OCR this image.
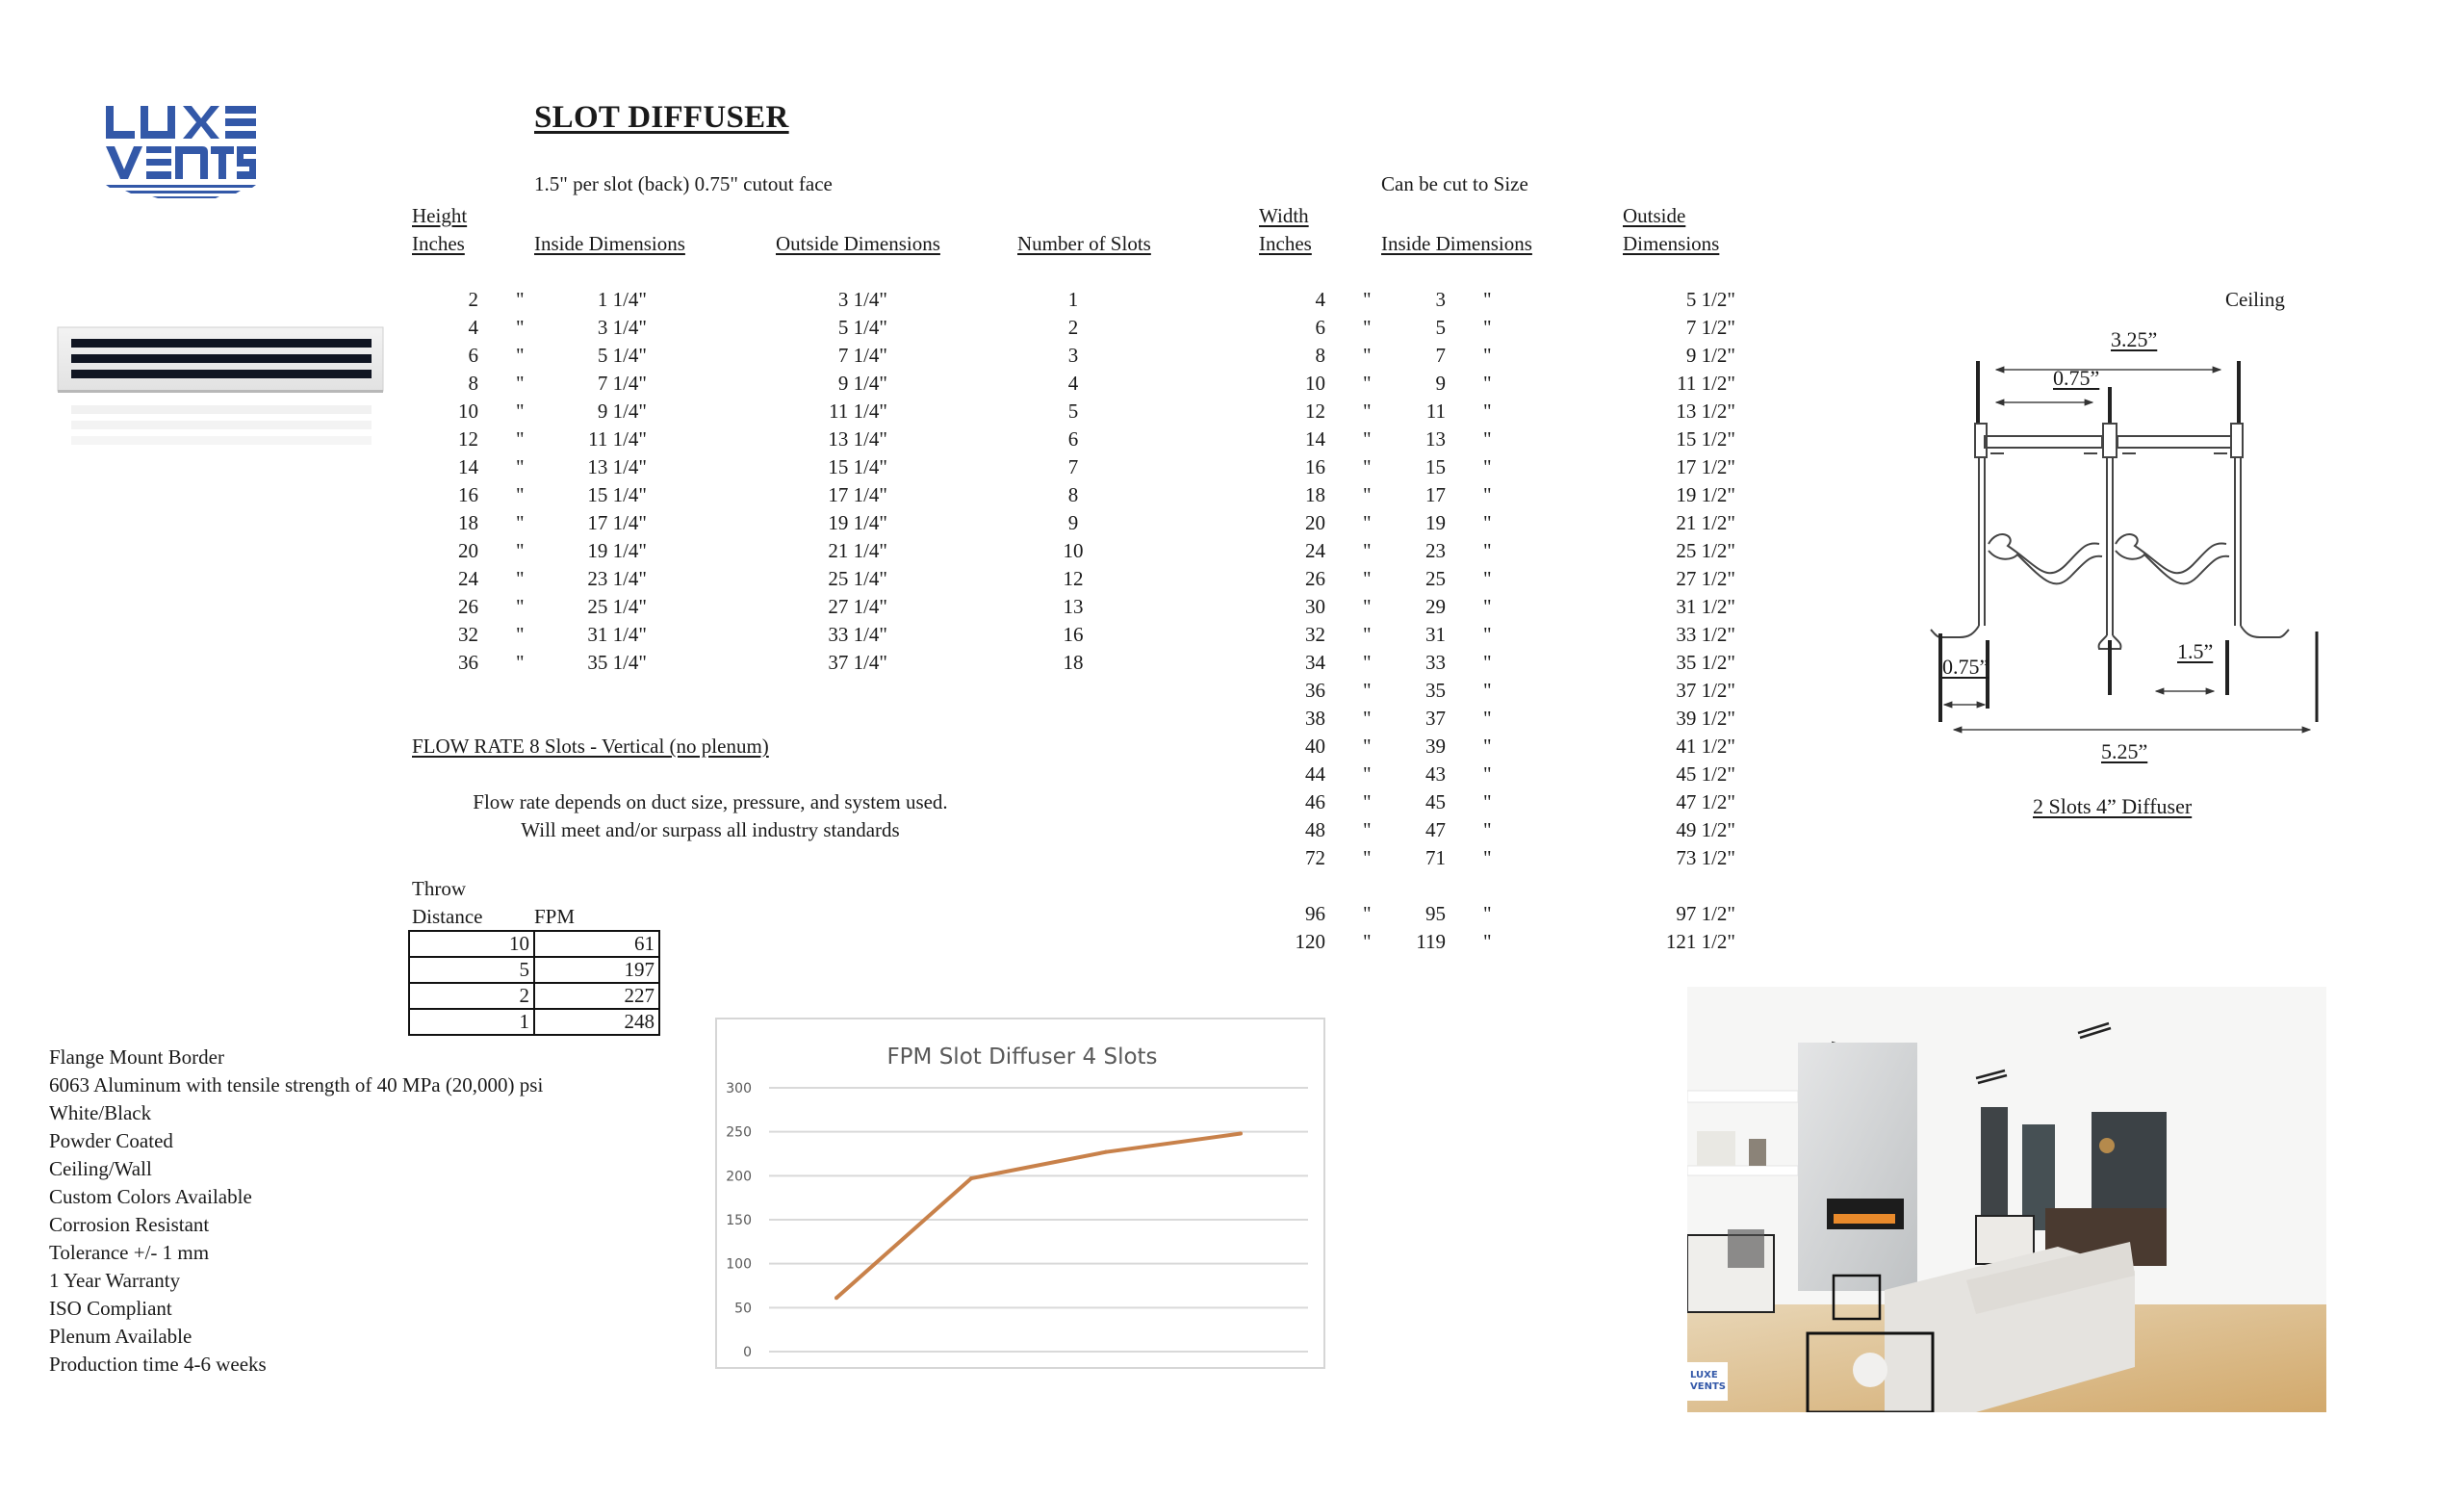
SLOT DIFFUSER
1.5" per slot (back) 0.75" cutout face	Can be cut to Size
Height
Inches	Inside Dimensions	Outside Dimensions	Number of Slots
Width
Inches	Inside Dimensions
Outside
Dimensions
2 "	1 1/4"	3 1/4"	1
4 "	3 1/4"	5 1/4"	2
6 "	5 1/4"	7 1/4"	3
8 "	7 1/4"	9 1/4"	4
10 "	9 1/4"	11 1/4"	5
12 "	11 1/4"	13 1/4"	6
14 "	13 1/4"	15 1/4"	7
16 "	15 1/4"	17 1/4"	8
18 "	17 1/4"	19 1/4"	9
20 "	19 1/4"	21 1/4"	10
24 "	23 1/4"	25 1/4"	12
26 "	25 1/4"	27 1/4"	13
32 "	31 1/4"	33 1/4"	16
36 "	35 1/4"	37 1/4"	18
4 "	3 "	5 1/2"
6 "	5 "	7 1/2"
8 "	7 "	9 1/2"
10 "	9 "	11 1/2"
12 "	11 "	13 1/2"
14 "	13 "	15 1/2"
16 "	15 "	17 1/2"
18 "	17 "	19 1/2"
20 "	19 "	21 1/2"
24 "	23 "	25 1/2"
26 "	25 "	27 1/2"
30 "	29 "	31 1/2"
32 "	31 "	33 1/2"
34 "	33 "	35 1/2"
36 "	35 "	37 1/2"
38 "	37 "	39 1/2"
40 "	39 "	41 1/2"
44 "	43 "	45 1/2"
46 "	45 "	47 1/2"
48 "	47 "	49 1/2"
72 "	71 "	73 1/2"
96 "	95 "	97 1/2"
120 "	119 "	121 1/2"
FLOW RATE 8 Slots - Vertical (no plenum)
Flow rate depends on duct size, pressure, and system used.
Will meet and/or surpass all industry standards
Throw
Distance	FPM
10	61
5	197
2	227
1	248
Flange Mount Border
6063 Aluminum with tensile strength of 40 MPa (20,000) psi
White/Black
Powder Coated
Ceiling/Wall
Custom Colors Available
Corrosion Resistant
Tolerance +/- 1 mm
1 Year Warranty
ISO Compliant
Plenum Available
Production time 4-6 weeks
FPM Slot Diffuser 4 Slots
0
50
100
150
200
250
300
Ceiling
3.25”
0.75”
0.75”
1.5”
5.25”
2 Slots 4” Diffuser
LUXE
VENTS
